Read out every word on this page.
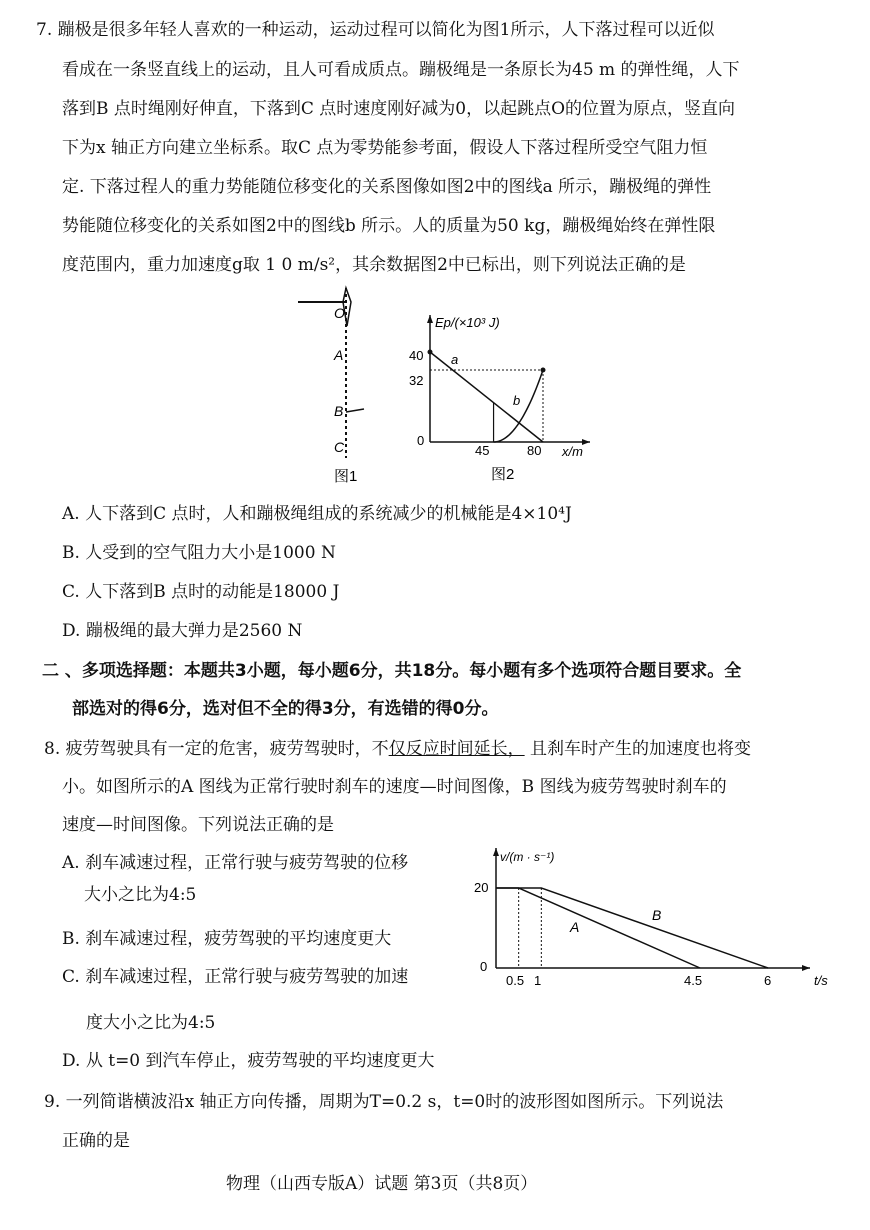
7. 蹦极是很多年轻人喜欢的一种运动，运动过程可以简化为图1所示，人下落过程可以近似
看成在一条竖直线上的运动，且人可看成质点。蹦极绳是一条原长为45 m 的弹性绳，人下
落到B 点时绳刚好伸直，下落到C 点时速度刚好减为0，以起跳点O的位置为原点，竖直向
下为x 轴正方向建立坐标系。取C 点为零势能参考面，假设人下落过程所受空气阻力恒
定. 下落过程人的重力势能随位移变化的关系图像如图2中的图线a 所示，蹦极绳的弹性
势能随位移变化的关系如图2中的图线b 所示。人的质量为50 kg，蹦极绳始终在弹性限
度范围内，重力加速度g取 1 0 m/s²，其余数据图2中已标出，则下列说法正确的是
O
A
B
C
图1
Ep/(×10³ J)
x/m
40
32
0
45	80
a
b
图2
A. 人下落到C 点时，人和蹦极绳组成的系统减少的机械能是4×10⁴J
B. 人受到的空气阻力大小是1000 N
C. 人下落到B 点时的动能是18000 J
D. 蹦极绳的最大弹力是2560 N
二 、多项选择题：本题共3小题，每小题6分，共18分。每小题有多个选项符合题目要求。全
部选对的得6分，选对但不全的得3分，有选错的得0分。
8. 疲劳驾驶具有一定的危害，疲劳驾驶时，不仅反应时间延长， 且刹车时产生的加速度也将变
小。如图所示的A 图线为正常行驶时刹车的速度—时间图像，B 图线为疲劳驾驶时刹车的
速度—时间图像。下列说法正确的是
A. 刹车减速过程，正常行驶与疲劳驾驶的位移
大小之比为4:5
B. 刹车减速过程，疲劳驾驶的平均速度更大
C. 刹车减速过程，正常行驶与疲劳驾驶的加速
度大小之比为4:5
D. 从 t=0 到汽车停止，疲劳驾驶的平均速度更大
v/(m · s⁻¹)
t/s
20
0
0.5 1	4.5	6
A
B
9. 一列简谐横波沿x 轴正方向传播，周期为T=0.2 s，t=0时的波形图如图所示。下列说法
正确的是
物理（山西专版A）试题 第3页（共8页）
